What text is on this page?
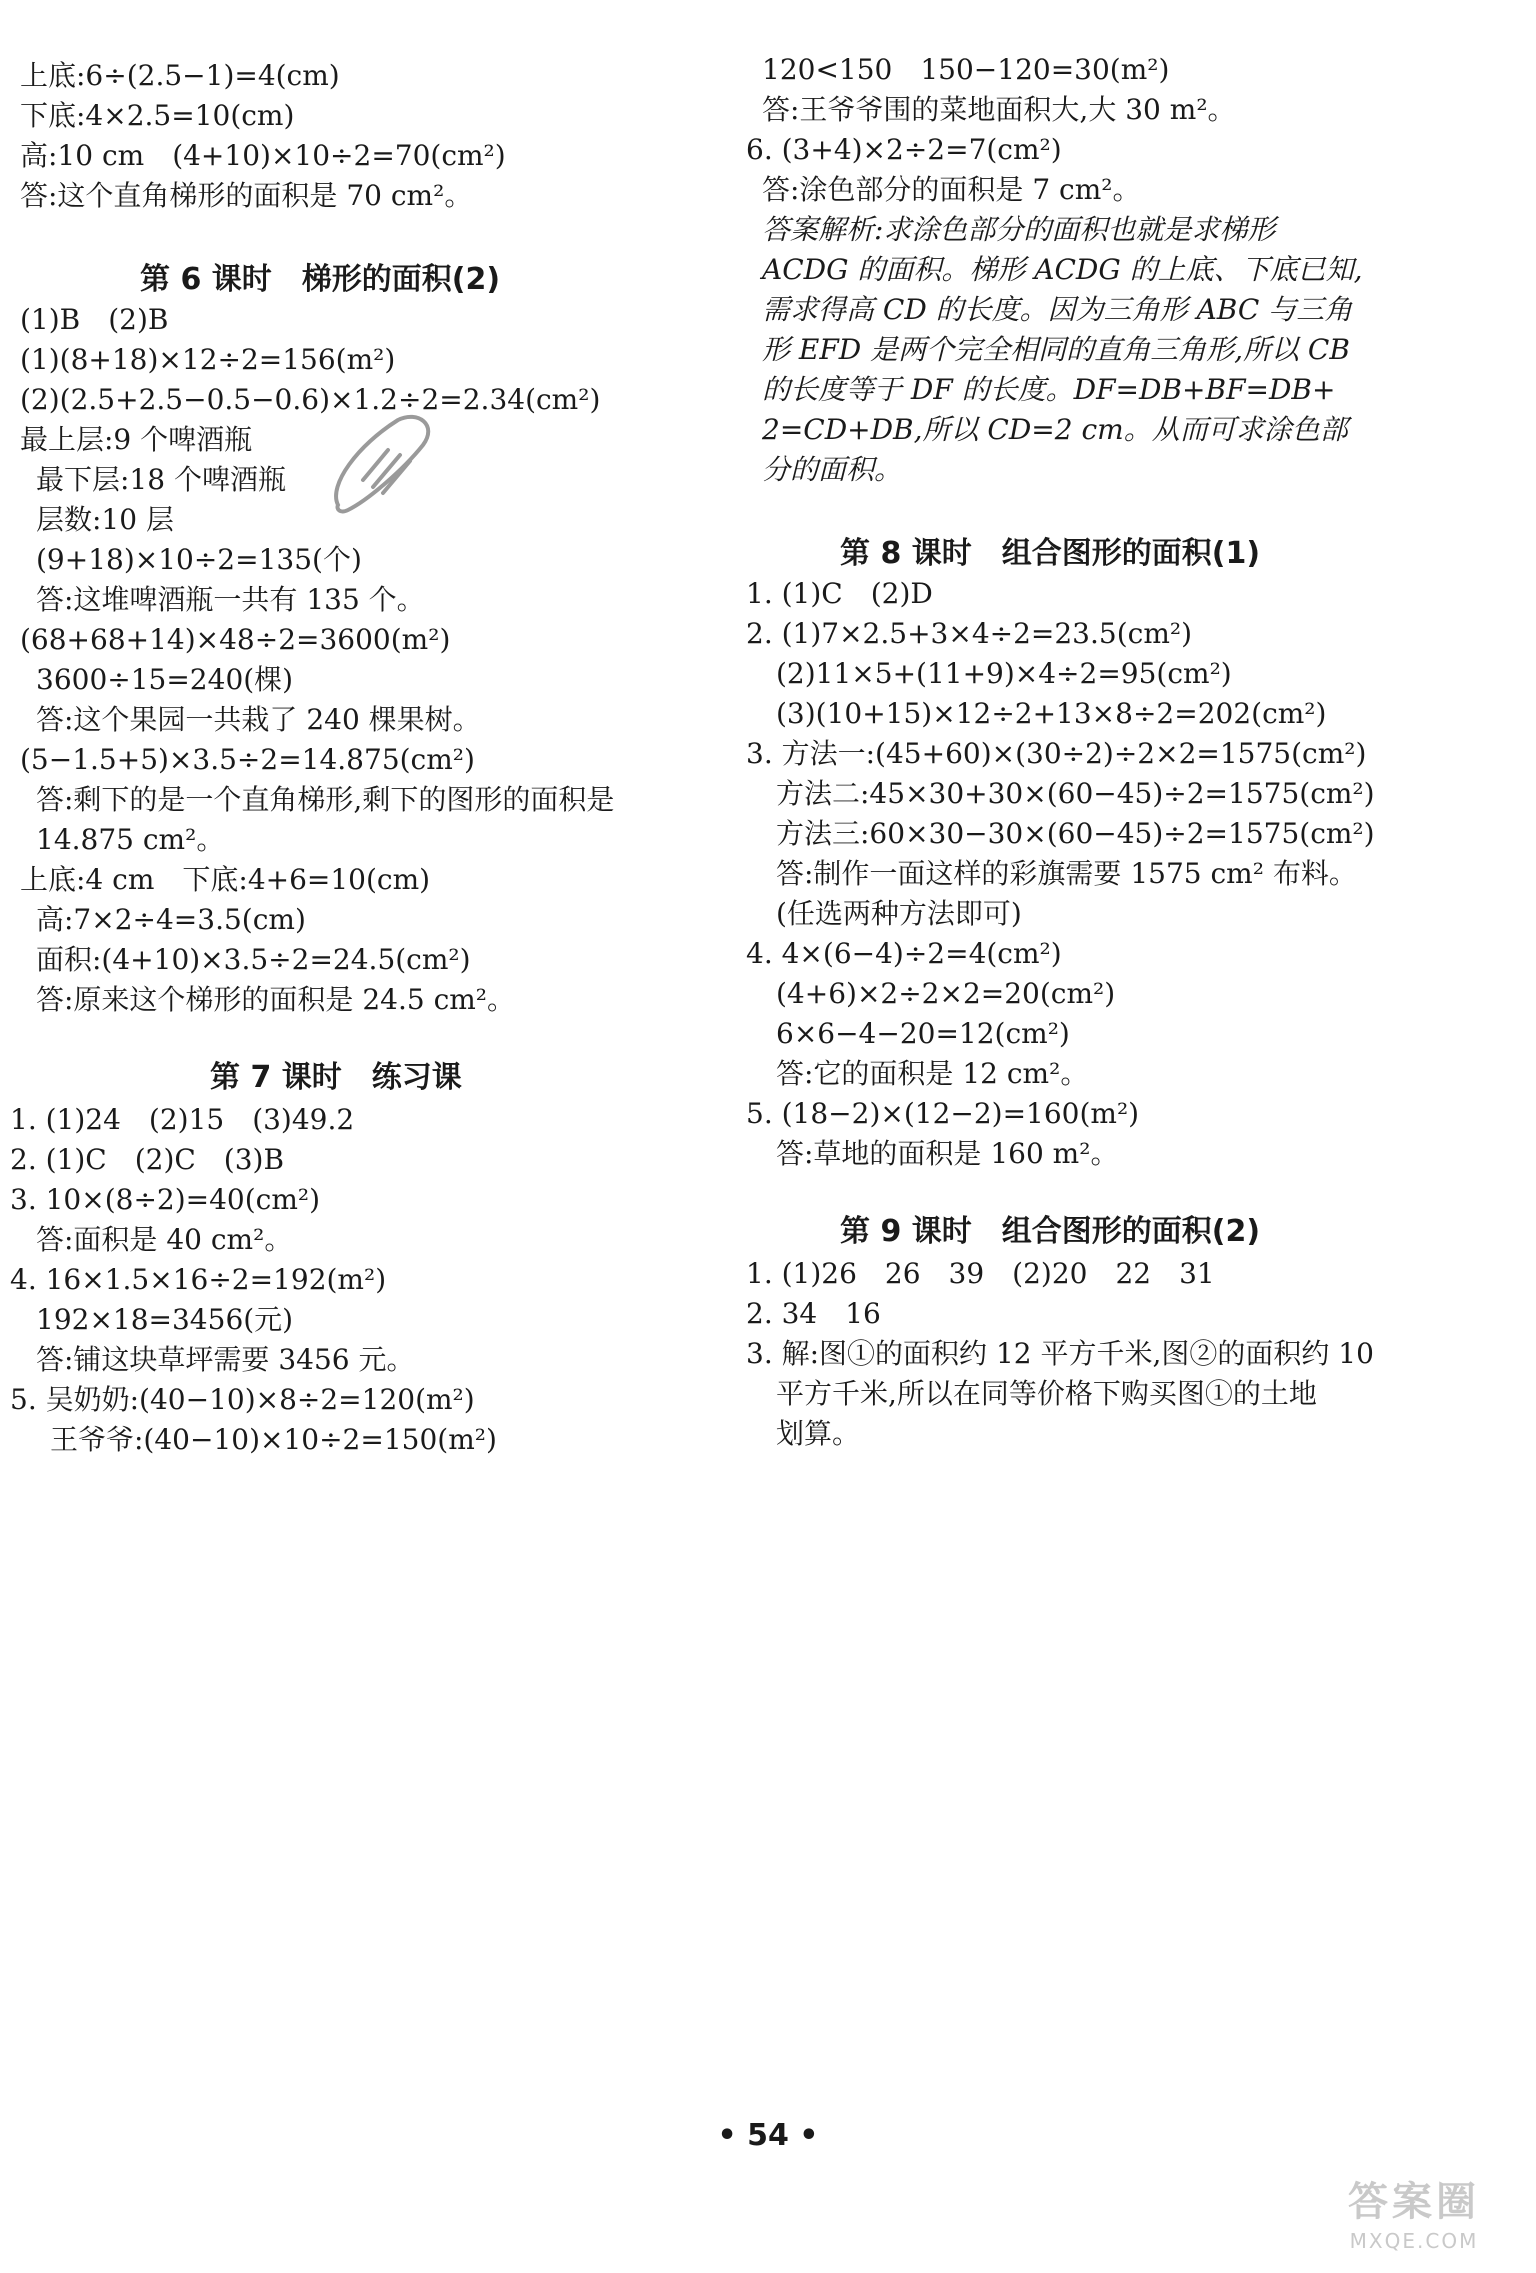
上底:6÷(2.5−1)=4(cm)
下底:4×2.5=10(cm)
高:10 cm　(4+10)×10÷2=70(cm²)
答:这个直角梯形的面积是 70 cm²。
第 6 课时　梯形的面积(2)
(1)B　(2)B
(1)(8+18)×12÷2=156(m²)
(2)(2.5+2.5−0.5−0.6)×1.2÷2=2.34(cm²)
最上层:9 个啤酒瓶
最下层:18 个啤酒瓶
层数:10 层
(9+18)×10÷2=135(个)
答:这堆啤酒瓶一共有 135 个。
(68+68+14)×48÷2=3600(m²)
3600÷15=240(棵)
答:这个果园一共栽了 240 棵果树。
(5−1.5+5)×3.5÷2=14.875(cm²)
答:剩下的是一个直角梯形,剩下的图形的面积是
14.875 cm²。
上底:4 cm　下底:4+6=10(cm)
高:7×2÷4=3.5(cm)
面积:(4+10)×3.5÷2=24.5(cm²)
答:原来这个梯形的面积是 24.5 cm²。
第 7 课时　练习课
1. (1)24　(2)15　(3)49.2
2. (1)C　(2)C　(3)B
3. 10×(8÷2)=40(cm²)
答:面积是 40 cm²。
4. 16×1.5×16÷2=192(m²)
192×18=3456(元)
答:铺这块草坪需要 3456 元。
5. 吴奶奶:(40−10)×8÷2=120(m²)
王爷爷:(40−10)×10÷2=150(m²)
120<150　150−120=30(m²)
答:王爷爷围的菜地面积大,大 30 m²。
6. (3+4)×2÷2=7(cm²)
答:涂色部分的面积是 7 cm²。
答案解析:求涂色部分的面积也就是求梯形
ACDG 的面积。梯形 ACDG 的上底、下底已知,
需求得高 CD 的长度。因为三角形 ABC 与三角
形 EFD 是两个完全相同的直角三角形,所以 CB
的长度等于 DF 的长度。DF=DB+BF=DB+
2=CD+DB,所以 CD=2 cm。从而可求涂色部
分的面积。
第 8 课时　组合图形的面积(1)
1. (1)C　(2)D
2. (1)7×2.5+3×4÷2=23.5(cm²)
(2)11×5+(11+9)×4÷2=95(cm²)
(3)(10+15)×12÷2+13×8÷2=202(cm²)
3. 方法一:(45+60)×(30÷2)÷2×2=1575(cm²)
方法二:45×30+30×(60−45)÷2=1575(cm²)
方法三:60×30−30×(60−45)÷2=1575(cm²)
答:制作一面这样的彩旗需要 1575 cm² 布料。
(任选两种方法即可)
4. 4×(6−4)÷2=4(cm²)
(4+6)×2÷2×2=20(cm²)
6×6−4−20=12(cm²)
答:它的面积是 12 cm²。
5. (18−2)×(12−2)=160(m²)
答:草地的面积是 160 m²。
第 9 课时　组合图形的面积(2)
1. (1)26　26　39　(2)20　22　31
2. 34　16
3. 解:图①的面积约 12 平方千米,图②的面积约 10
平方千米,所以在同等价格下购买图①的土地
划算。
• 54 •
答案圈
MXQE.COM
